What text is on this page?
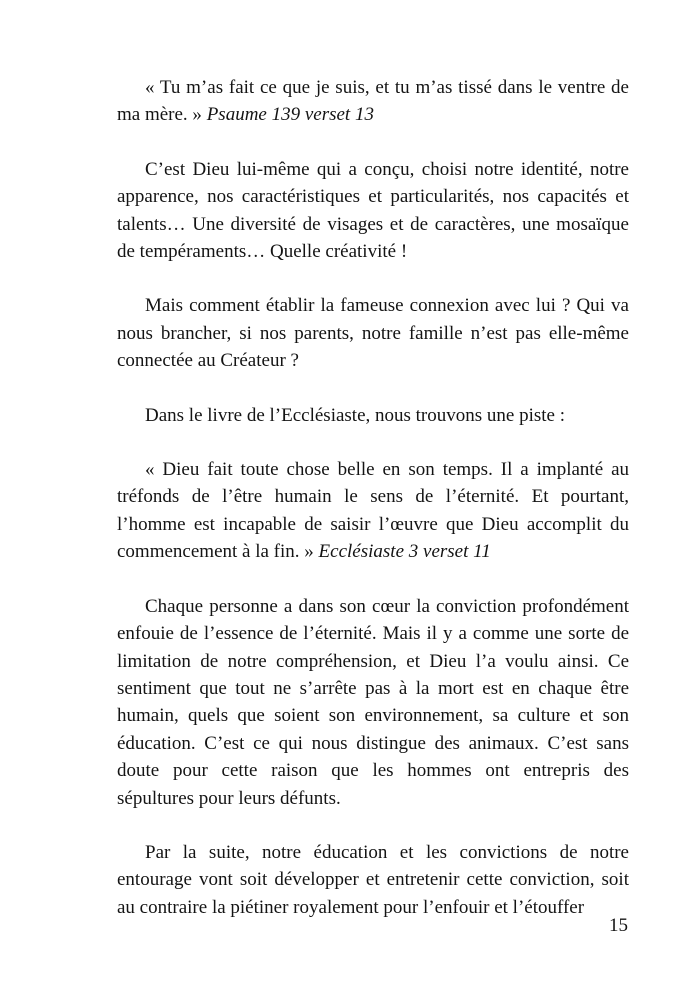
« Tu m’as fait ce que je suis, et tu m’as tissé dans le ventre de ma mère. » Psaume 139 verset 13

C’est Dieu lui-même qui a conçu, choisi notre identité, notre apparence, nos caractéristiques et particularités, nos capacités et talents… Une diversité de visages et de caractères, une mosaïque de tempéraments… Quelle créativité !

Mais comment établir la fameuse connexion avec lui ? Qui va nous brancher, si nos parents, notre famille n’est pas elle-même connectée au Créateur ?

Dans le livre de l’Ecclésiaste, nous trouvons une piste :

« Dieu fait toute chose belle en son temps. Il a implanté au tréfonds de l’être humain le sens de l’éternité. Et pourtant, l’homme est incapable de saisir l’œuvre que Dieu accomplit du commencement à la fin. » Ecclésiaste 3 verset 11

Chaque personne a dans son cœur la conviction profondément enfouie de l’essence de l’éternité. Mais il y a comme une sorte de limitation de notre compréhension, et Dieu l’a voulu ainsi. Ce sentiment que tout ne s’arrête pas à la mort est en chaque être humain, quels que soient son environnement, sa culture et son éducation. C’est ce qui nous distingue des animaux. C’est sans doute pour cette raison que les hommes ont entrepris des sépultures pour leurs défunts.

Par la suite, notre éducation et les convictions de notre entourage vont soit développer et entretenir cette conviction, soit au contraire la piétiner royalement pour l’enfouir et l’étouffer

15
